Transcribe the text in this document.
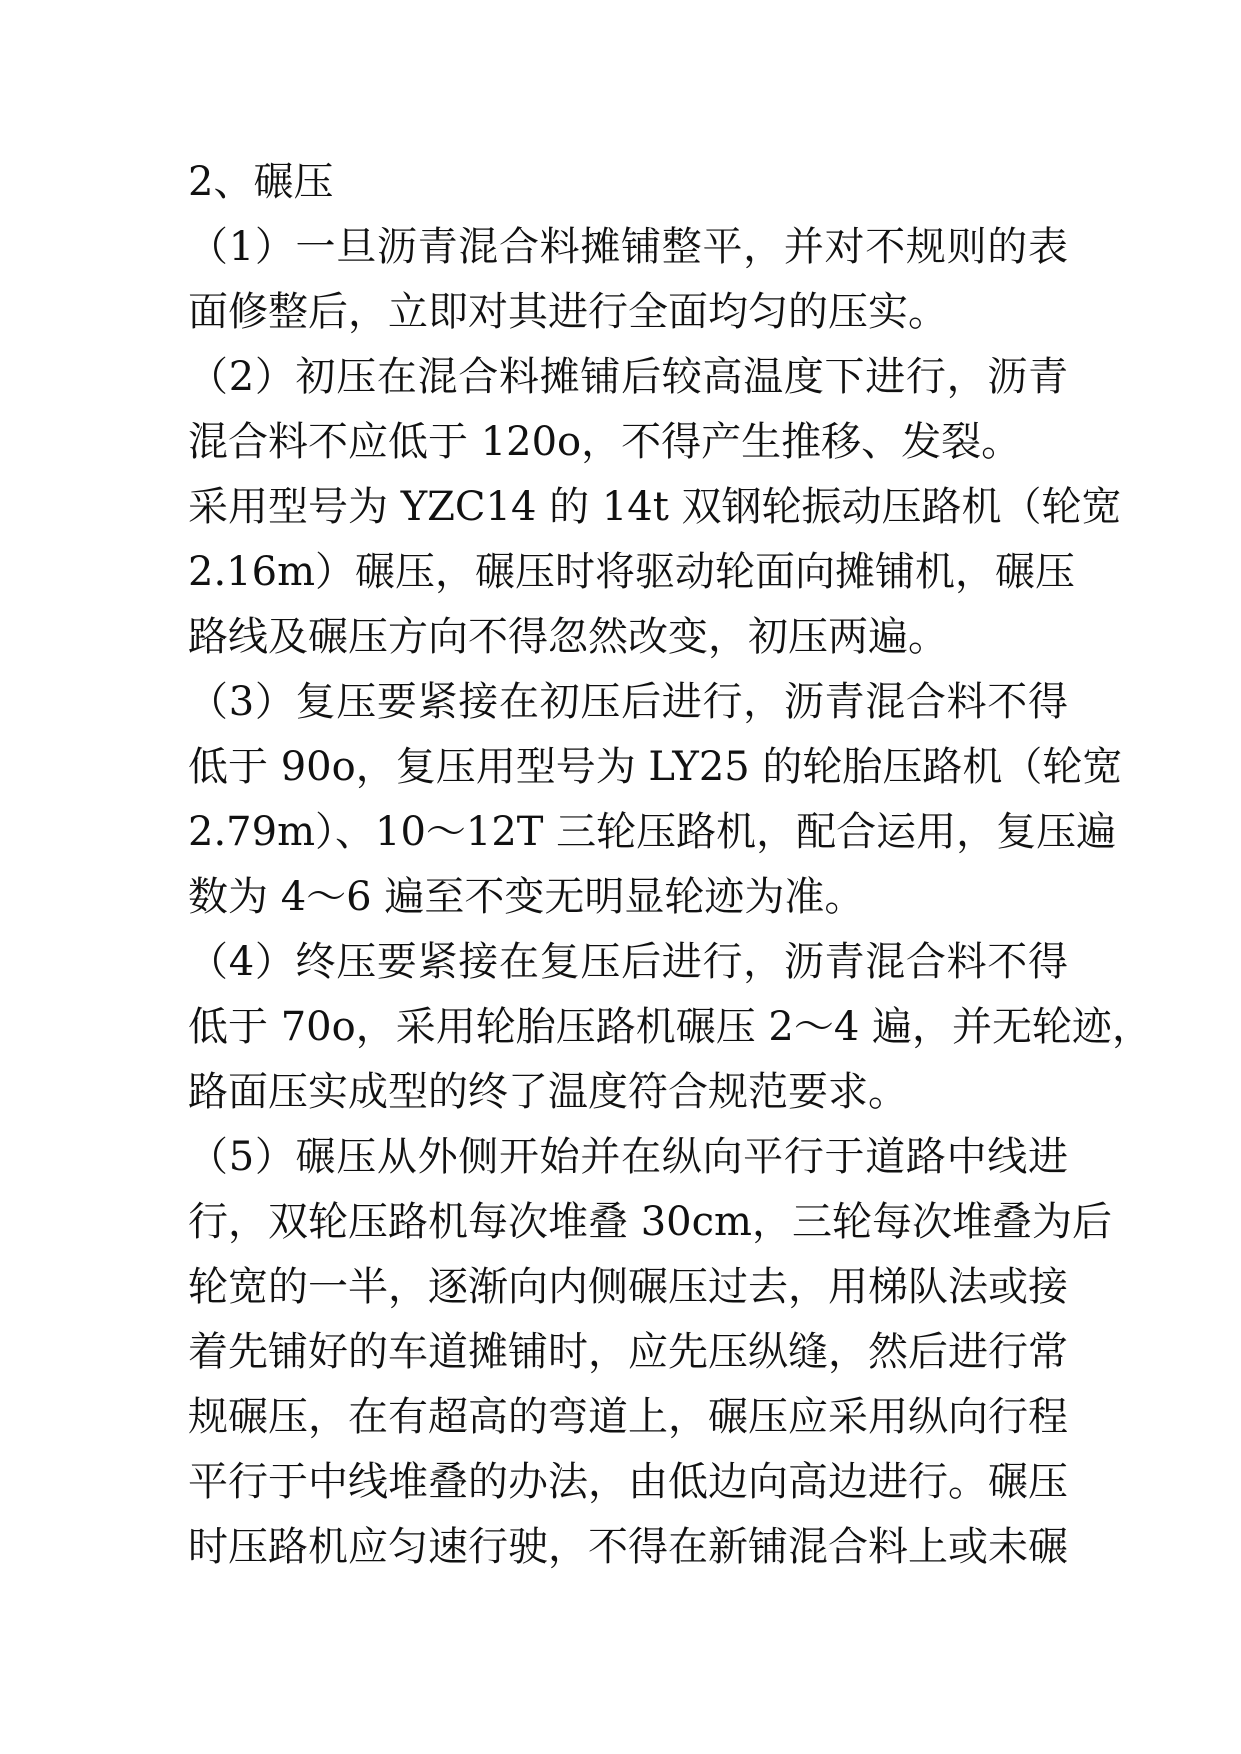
2、碾压
（1）一旦沥青混合料摊铺整平，并对不规则的表
面修整后，立即对其进行全面均匀的压实。
（2）初压在混合料摊铺后较高温度下进行，沥青
混合料不应低于 120o，不得产生推移、发裂。
采用型号为 YZC14 的 14t 双钢轮振动压路机（轮宽
2.16m）碾压，碾压时将驱动轮面向摊铺机，碾压
路线及碾压方向不得忽然改变，初压两遍。
（3）复压要紧接在初压后进行，沥青混合料不得
低于 90o，复压用型号为 LY25 的轮胎压路机（轮宽
2.79m）、10～12T 三轮压路机，配合运用，复压遍
数为 4～6 遍至不变无明显轮迹为准。
（4）终压要紧接在复压后进行，沥青混合料不得
低于 70o，采用轮胎压路机碾压 2～4 遍，并无轮迹，
路面压实成型的终了温度符合规范要求。
（5）碾压从外侧开始并在纵向平行于道路中线进
行，双轮压路机每次堆叠 30cm，三轮每次堆叠为后
轮宽的一半，逐渐向内侧碾压过去，用梯队法或接
着先铺好的车道摊铺时，应先压纵缝，然后进行常
规碾压，在有超高的弯道上，碾压应采用纵向行程
平行于中线堆叠的办法，由低边向高边进行。碾压
时压路机应匀速行驶，不得在新铺混合料上或未碾
